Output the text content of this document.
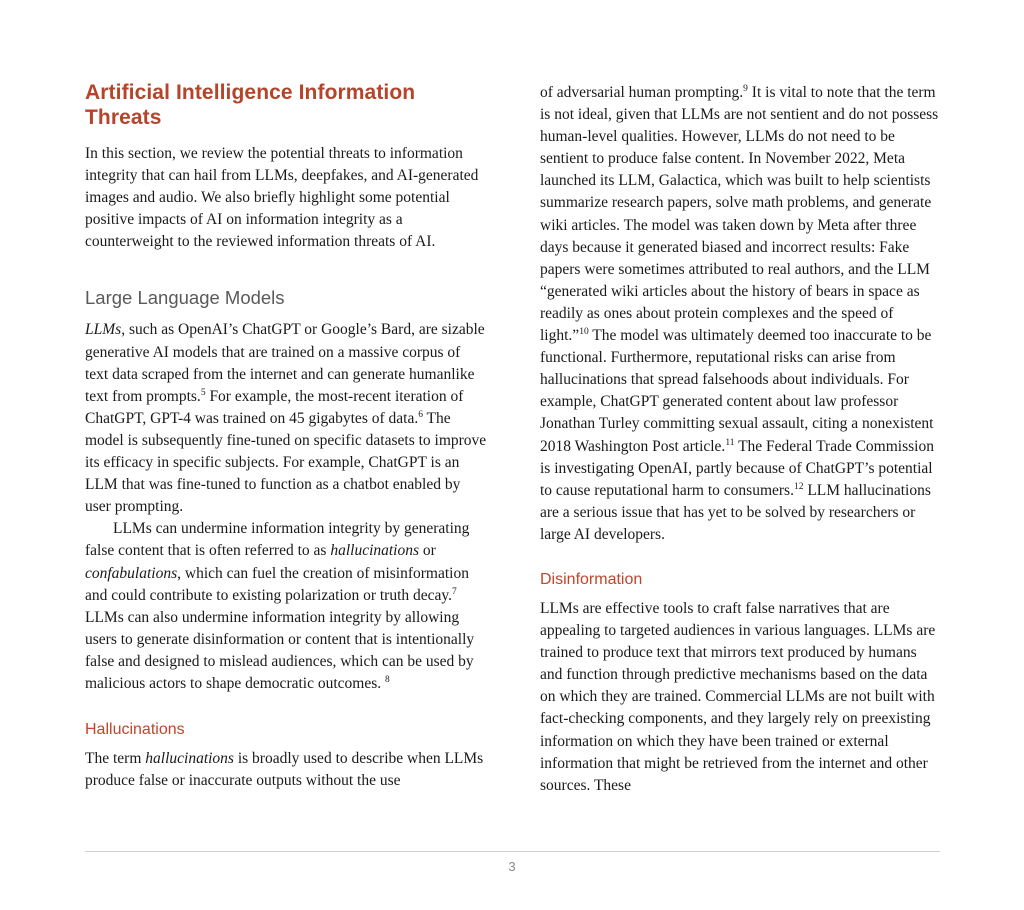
Artificial Intelligence Information Threats

In this section, we review the potential threats to information integrity that can hail from LLMs, deepfakes, and AI-generated images and audio. We also briefly highlight some potential positive impacts of AI on information integrity as a counterweight to the reviewed information threats of AI.

Large Language Models

LLMs, such as OpenAI’s ChatGPT or Google’s Bard, are sizable generative AI models that are trained on a massive corpus of text data scraped from the internet and can generate humanlike text from prompts.$^5$ For example, the most-recent iteration of ChatGPT, GPT-4 was trained on 45 gigabytes of data.$^6$ The model is subsequently fine-tuned on specific datasets to improve its efficacy in specific subjects. For example, ChatGPT is an LLM that was fine-tuned to function as a chatbot enabled by user prompting.

LLMs can undermine information integrity by generating false content that is often referred to as hallucinations or confabulations, which can fuel the creation of misinformation and could contribute to existing polarization or truth decay.$^7$ LLMs can also undermine information integrity by allowing users to generate disinformation or content that is intentionally false and designed to mislead audiences, which can be used by malicious actors to shape democratic outcomes. $^8$

Hallucinations

The term hallucinations is broadly used to describe when LLMs produce false or inaccurate outputs without the use

of adversarial human prompting.$^9$ It is vital to note that the term is not ideal, given that LLMs are not sentient and do not possess human-level qualities. However, LLMs do not need to be sentient to produce false content. In November 2022, Meta launched its LLM, Galactica, which was built to help scientists summarize research papers, solve math problems, and generate wiki articles. The model was taken down by Meta after three days because it generated biased and incorrect results: Fake papers were sometimes attributed to real authors, and the LLM “generated wiki articles about the history of bears in space as readily as ones about protein complexes and the speed of light.”$^{10}$ The model was ultimately deemed too inaccurate to be functional. Furthermore, reputational risks can arise from hallucinations that spread falsehoods about individuals. For example, ChatGPT generated content about law professor Jonathan Turley committing sexual assault, citing a nonexistent 2018 Washington Post article.$^{11}$ The Federal Trade Commission is investigating OpenAI, partly because of ChatGPT’s potential to cause reputational harm to consumers.$^{12}$ LLM hallucinations are a serious issue that has yet to be solved by researchers or large AI developers.

Disinformation

LLMs are effective tools to craft false narratives that are appealing to targeted audiences in various languages. LLMs are trained to produce text that mirrors text produced by humans and function through predictive mechanisms based on the data on which they are trained. Commercial LLMs are not built with fact-checking components, and they largely rely on preexisting information on which they have been trained or external information that might be retrieved from the internet and other sources. These

3
